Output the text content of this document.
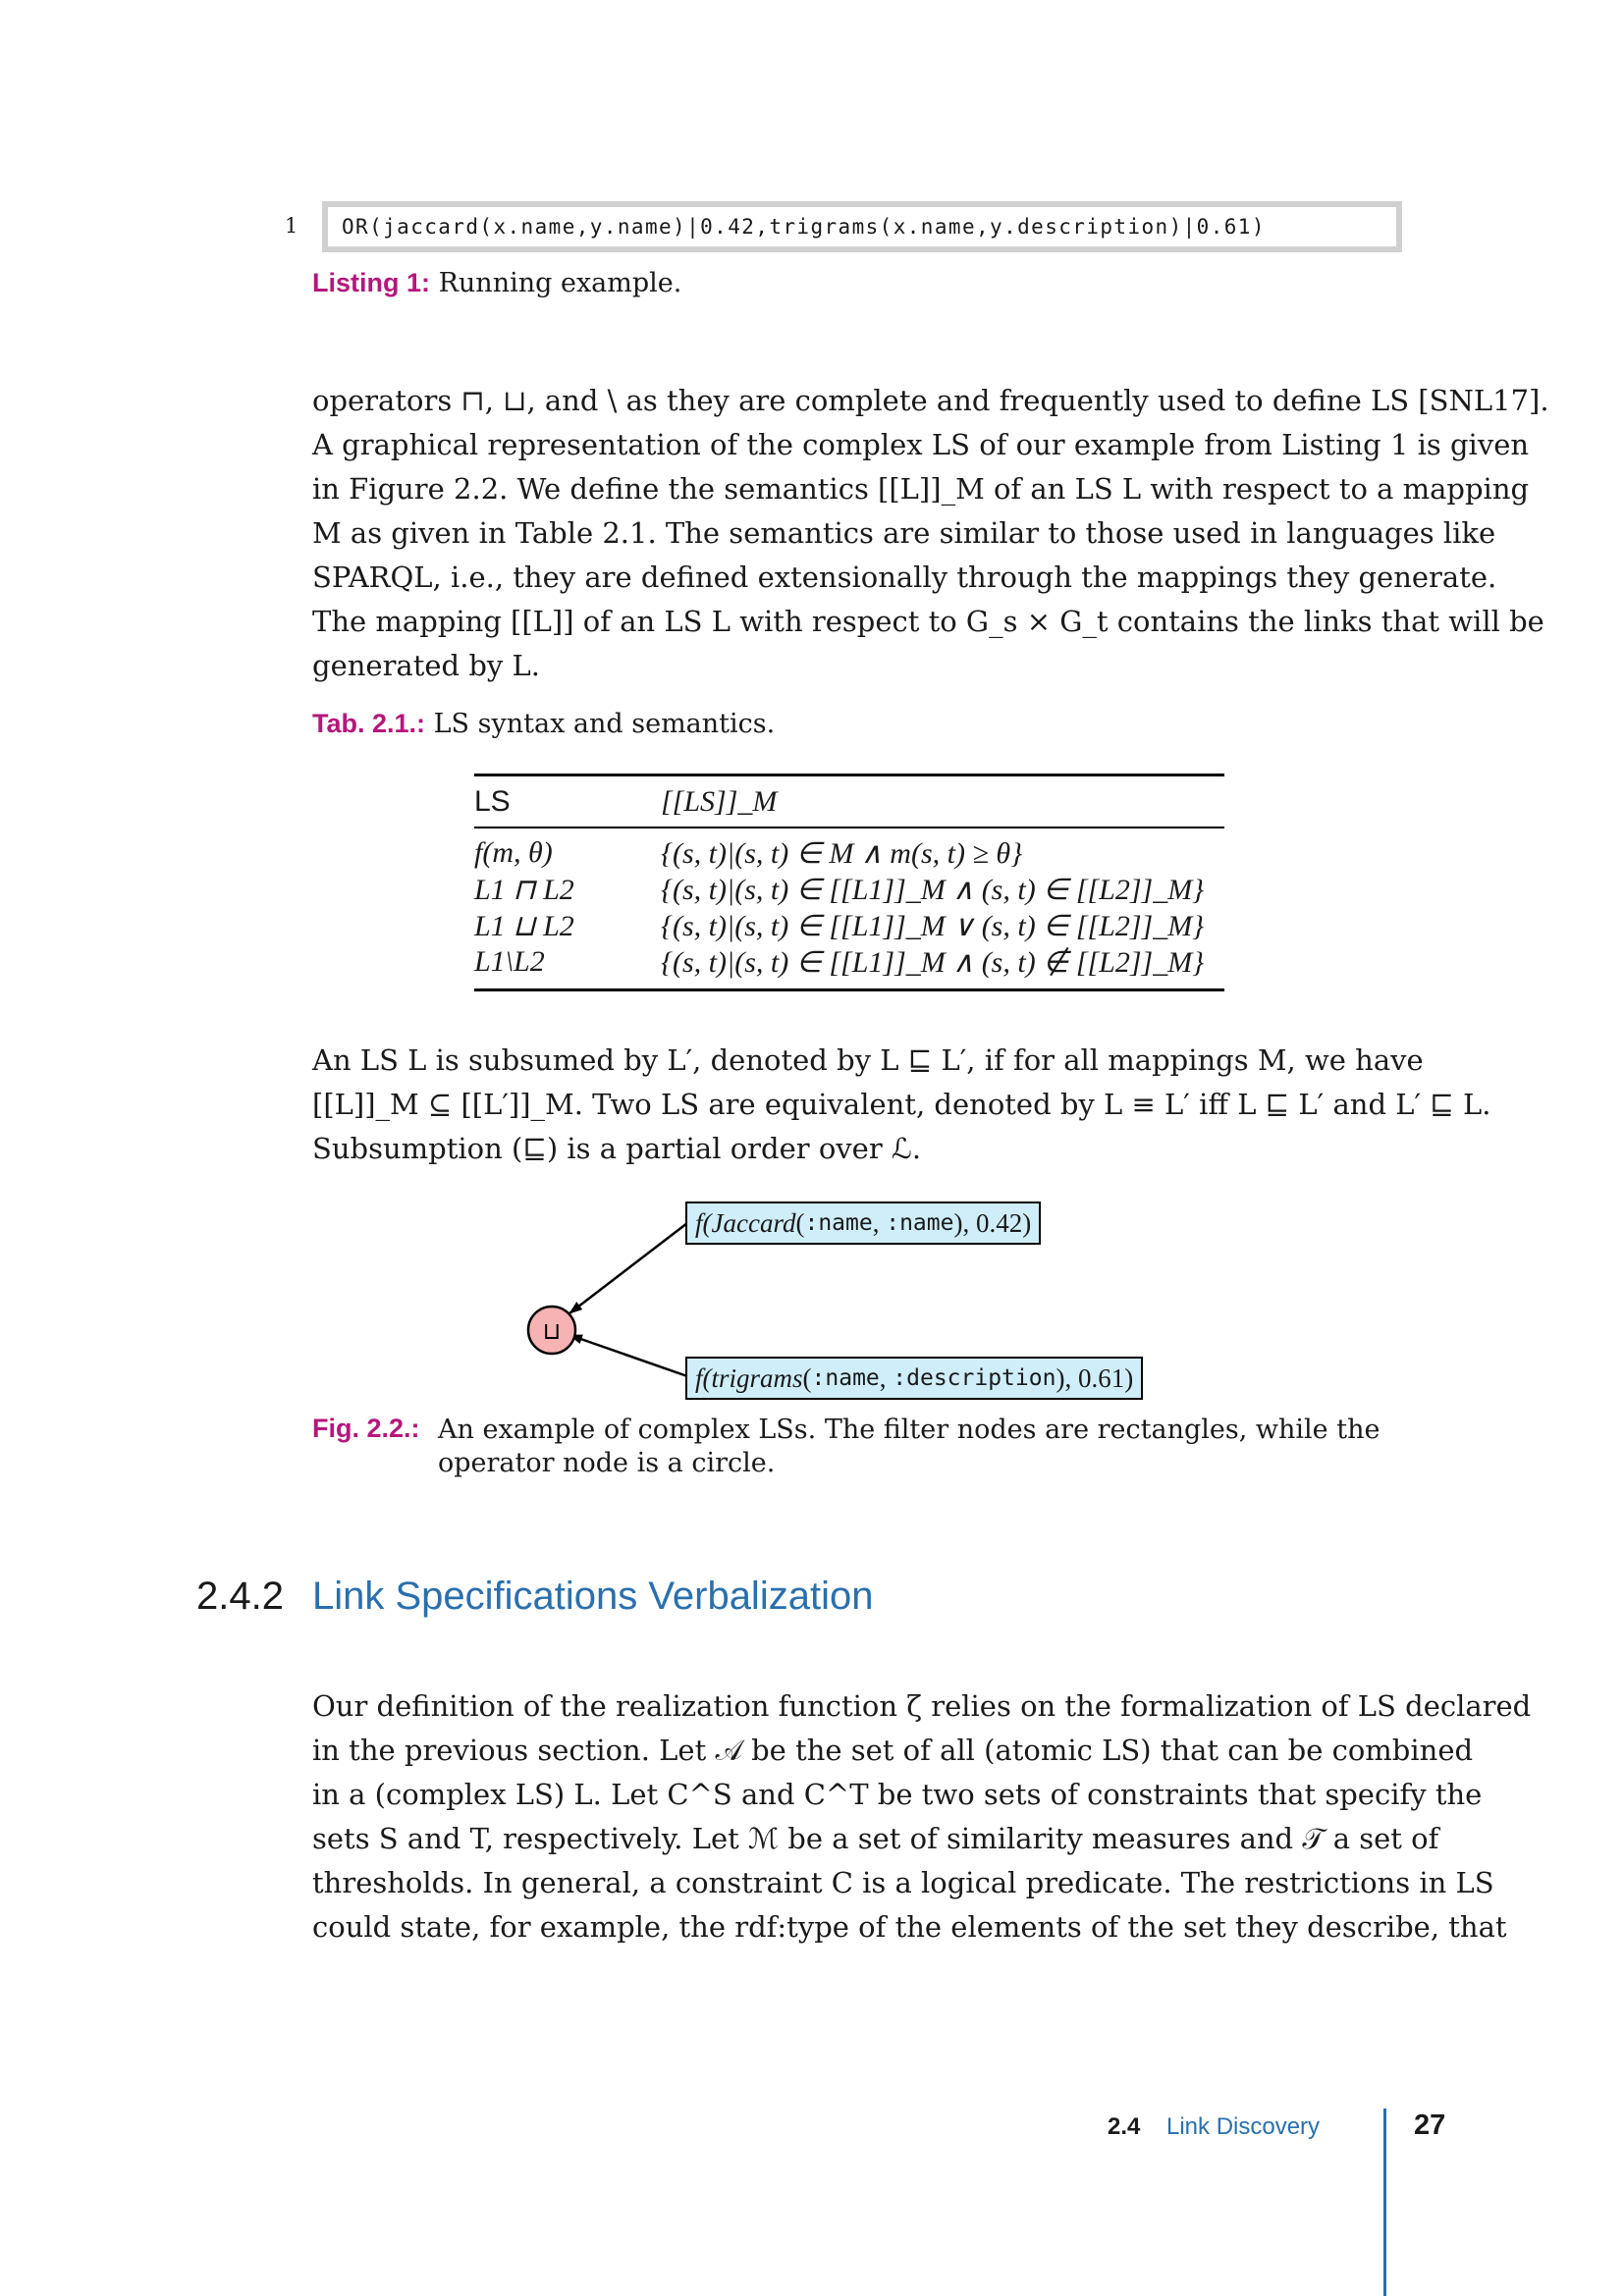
1	OR(jaccard(x.name,y.name)|0.42,trigrams(x.name,y.description)|0.61)
Listing 1: Running example.
operators ⊓, ⊔, and \ as they are complete and frequently used to define LS [SNL17].
A graphical representation of the complex LS of our example from Listing 1 is given
in Figure 2.2. We define the semantics [[L]]_M of an LS L with respect to a mapping
M as given in Table 2.1. The semantics are similar to those used in languages like
SPARQL, i.e., they are defined extensionally through the mappings they generate.
The mapping [[L]] of an LS L with respect to G_s × G_t contains the links that will be
generated by L.
Tab. 2.1.: LS syntax and semantics.
LS	[[LS]]_M
f(m, θ)	{(s, t)|(s, t) ∈ M ∧ m(s, t) ≥ θ}
L1 ⊓ L2	{(s, t)|(s, t) ∈ [[L1]]_M ∧ (s, t) ∈ [[L2]]_M}
L1 ⊔ L2	{(s, t)|(s, t) ∈ [[L1]]_M ∨ (s, t) ∈ [[L2]]_M}
L1\L2	{(s, t)|(s, t) ∈ [[L1]]_M ∧ (s, t) ∉ [[L2]]_M}
An LS L is subsumed by L′, denoted by L ⊑ L′, if for all mappings M, we have
[[L]]_M ⊆ [[L′]]_M. Two LS are equivalent, denoted by L ≡ L′ iff L ⊑ L′ and L′ ⊑ L.
Subsumption (⊑) is a partial order over ℒ.
⊔
f( Jaccard ( :name , :name ), 0.42)
f( trigrams ( :name , :description ), 0.61)
Fig. 2.2.: An example of complex LSs. The filter nodes are rectangles, while the operator node is a circle.
2.4.2 Link Specifications Verbalization
Our definition of the realization function ζ relies on the formalization of LS declared
in the previous section. Let 𝒜 be the set of all (atomic LS) that can be combined
in a (complex LS) L. Let C^S and C^T be two sets of constraints that specify the
sets S and T, respectively. Let ℳ be a set of similarity measures and 𝒯 a set of
thresholds. In general, a constraint C is a logical predicate. The restrictions in LS
could state, for example, the rdf:type of the elements of the set they describe, that
2.4 Link Discovery	27
